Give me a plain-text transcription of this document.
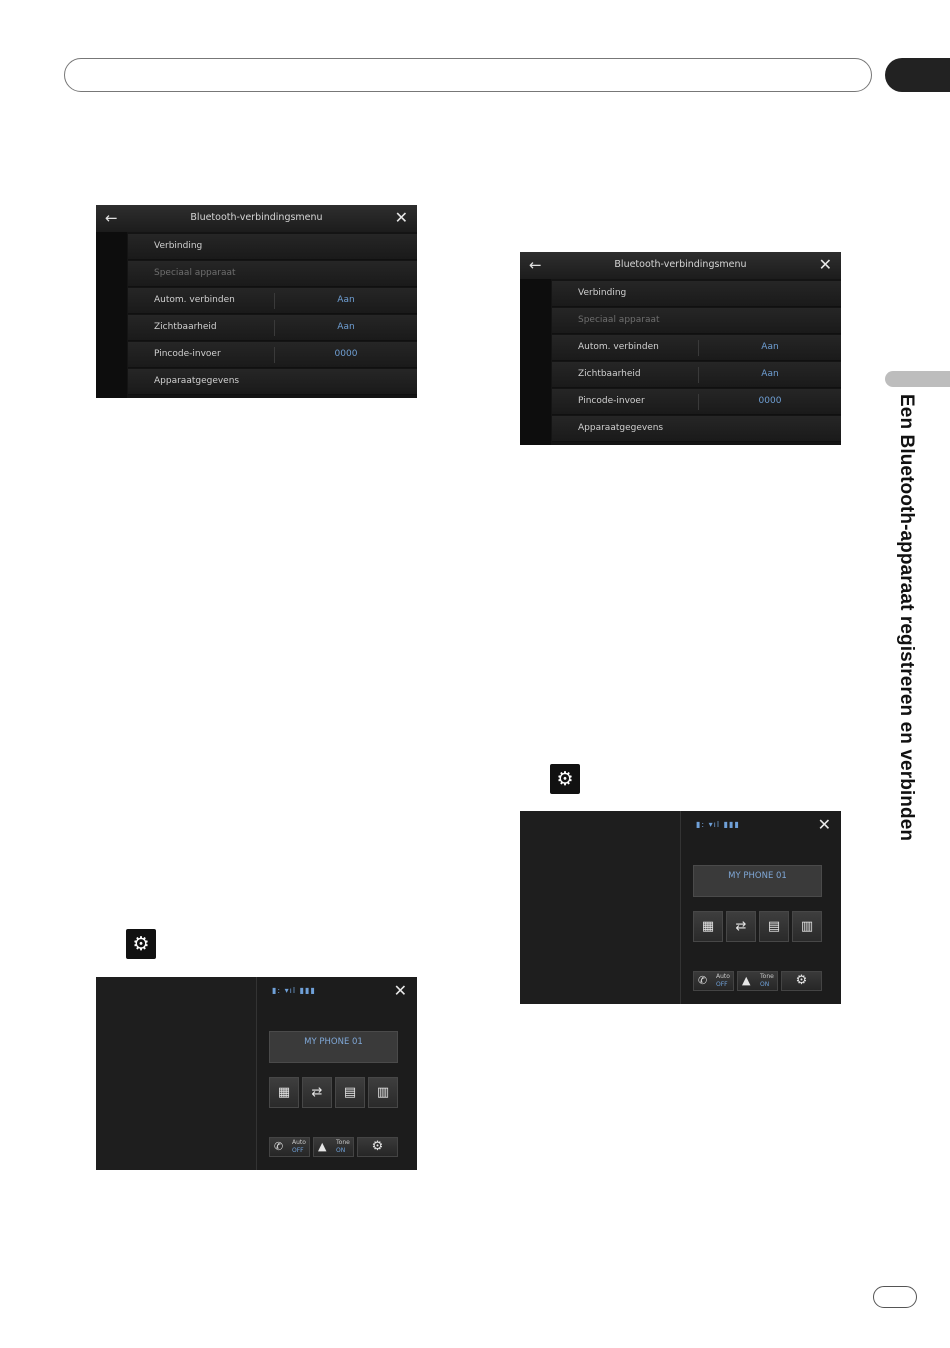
Een Bluetooth-apparaat registreren en verbinden
←	Bluetooth-verbindingsmenu	✕
Verbinding
Speciaal apparaat
Autom. verbinden	Aan
Zichtbaarheid	Aan
Pincode-invoer	0000
Apparaatgegevens
←	Bluetooth-verbindingsmenu	✕
Verbinding
Speciaal apparaat
Autom. verbinden	Aan
Zichtbaarheid	Aan
Pincode-invoer	0000
Apparaatgegevens
⚙
⚙
▮: ▾ıl ▮▮▮	✕
MY PHONE 01
▦	⇄	▤	▥
✆ Auto
OFF ▲ Tone
ON	⚙
▮: ▾ıl ▮▮▮	✕
MY PHONE 01
▦	⇄	▤	▥
✆ Auto
OFF ▲ Tone
ON	⚙
